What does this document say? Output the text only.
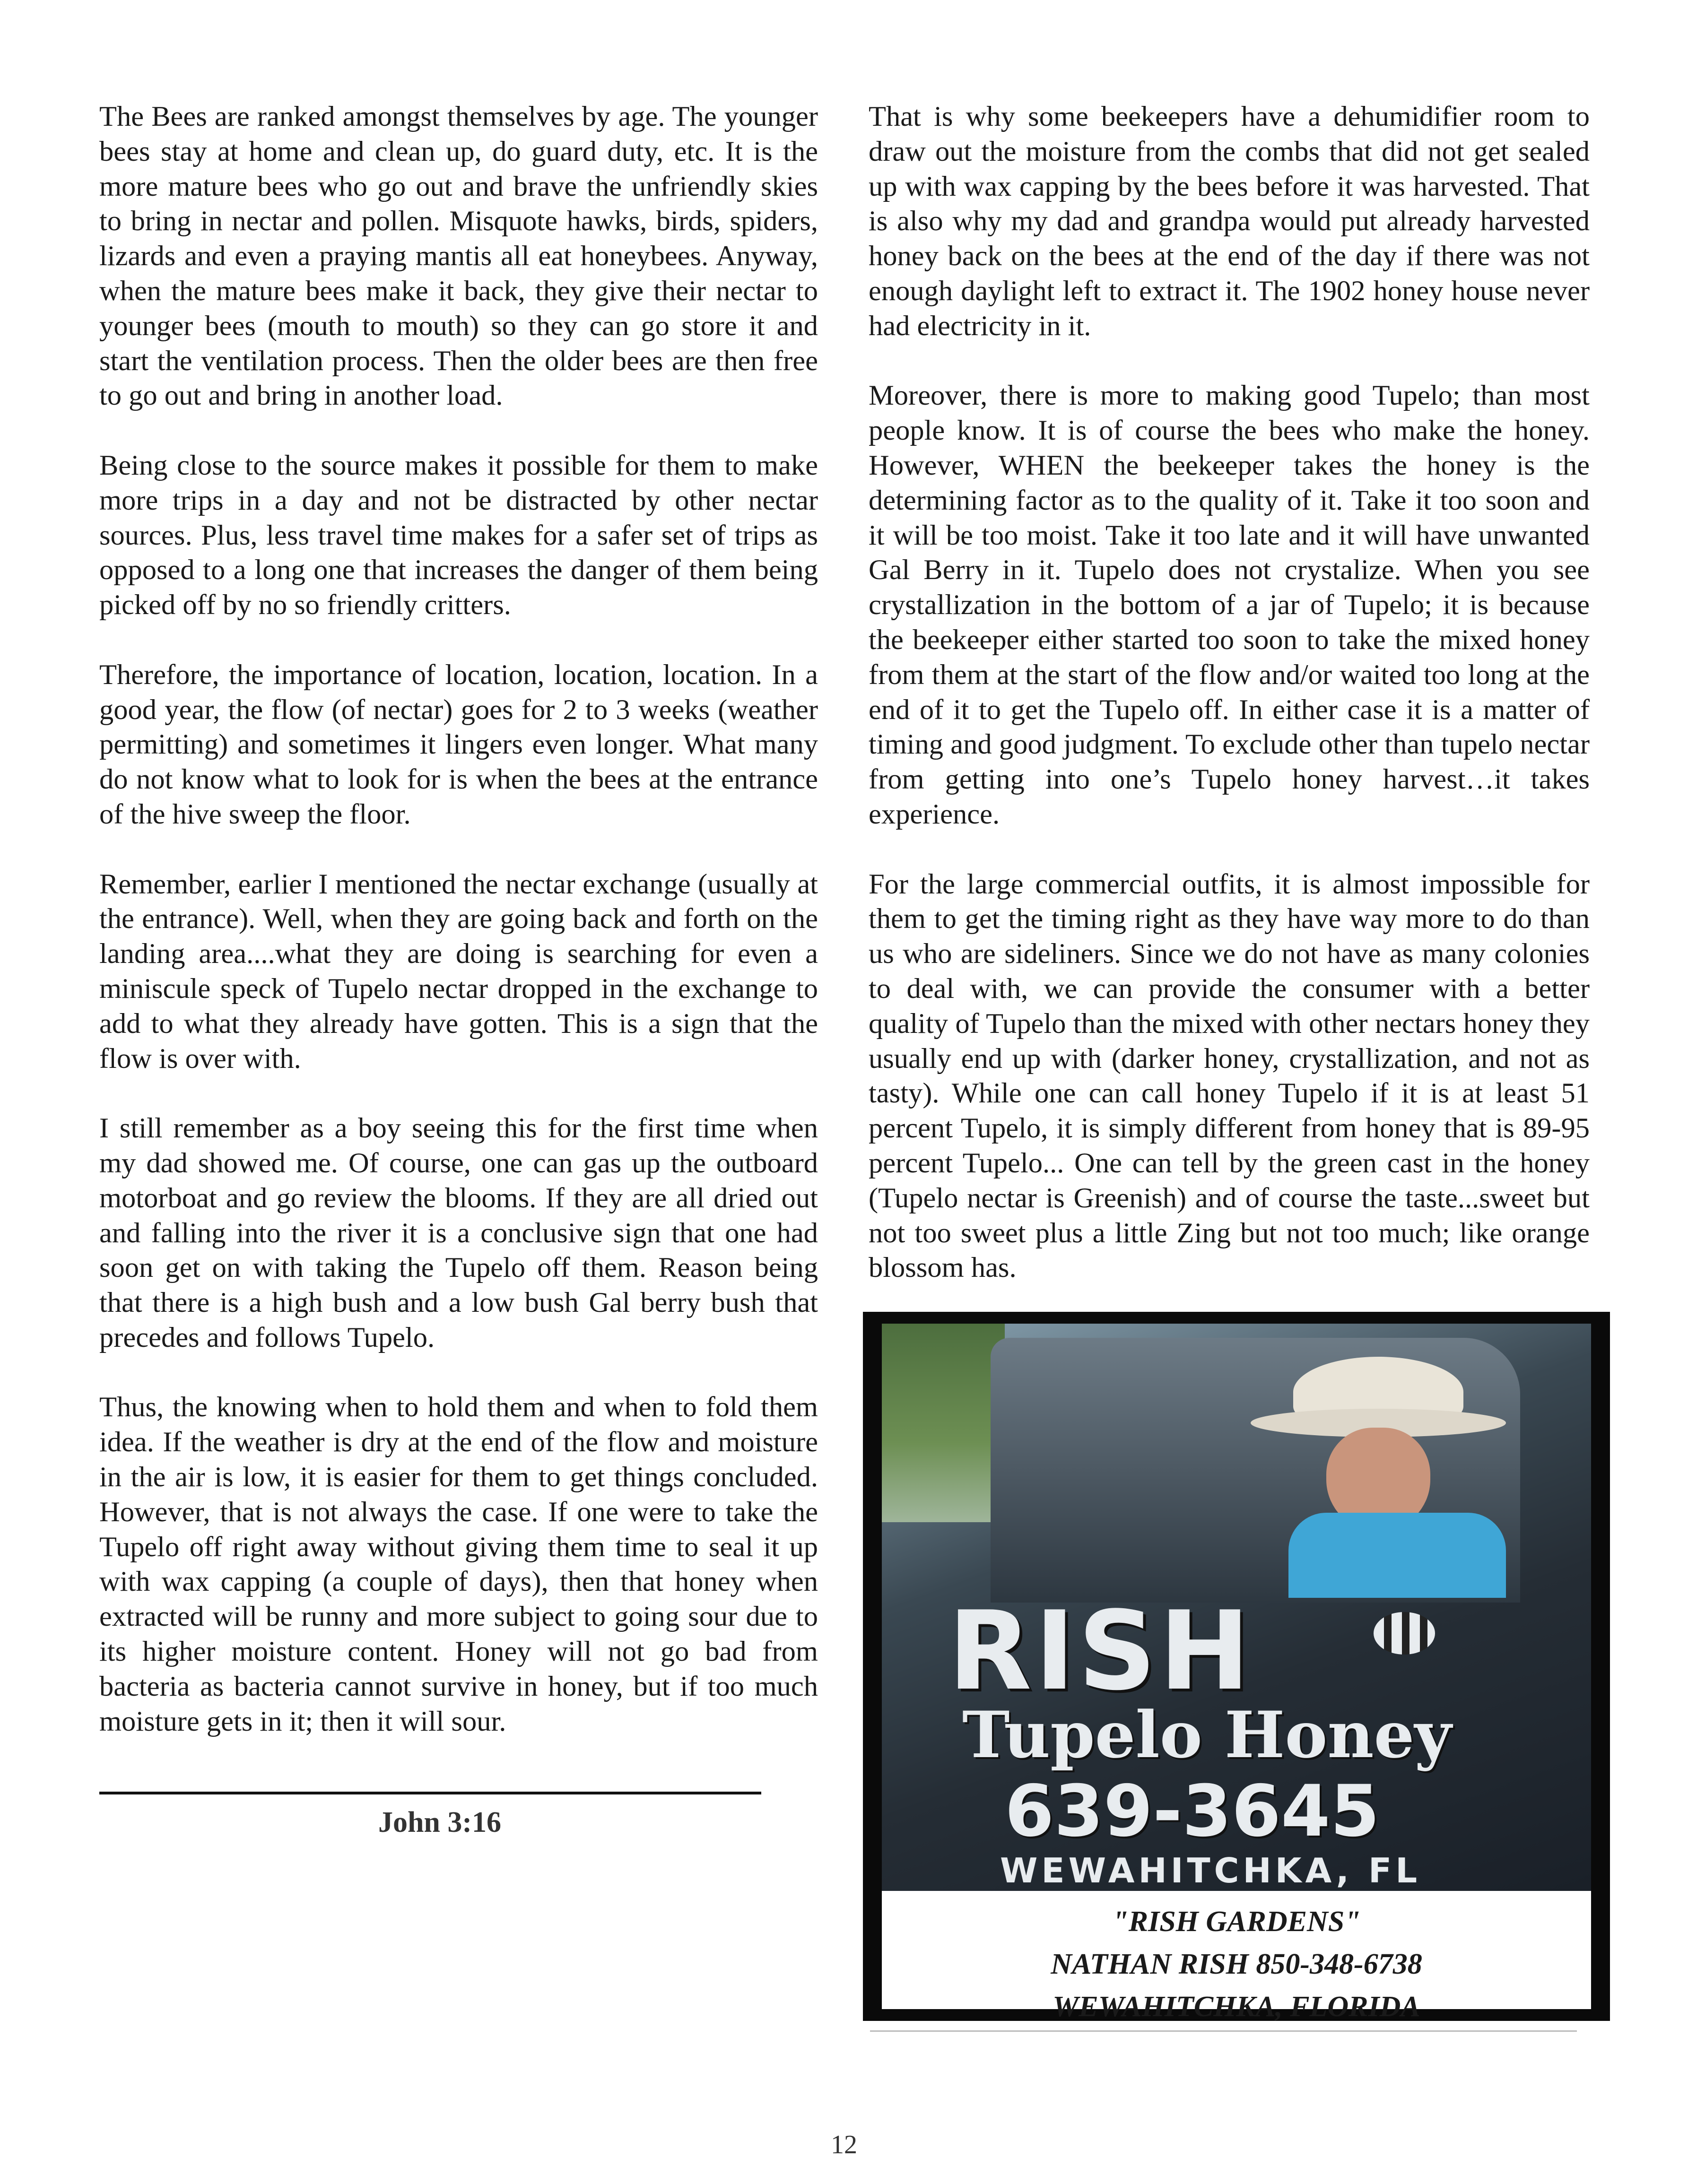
The Bees are ranked amongst themselves by age. The younger bees stay at home and clean up, do guard duty, etc. It is the more mature bees who go out and brave the unfriendly skies to bring in nectar and pollen. Misquote hawks, birds, spiders, lizards and even a praying mantis all eat honeybees. Anyway, when the mature bees make it back, they give their nectar to younger bees (mouth to mouth) so they can go store it and start the ventilation process. Then the older bees are then free to go out and bring in another load.

Being close to the source makes it possible for them to make more trips in a day and not be distracted by other nectar sources. Plus, less travel time makes for a safer set of trips as opposed to a long one that increases the danger of them being picked off by no so friendly critters.

Therefore, the importance of location, location, location. In a good year, the flow (of nectar) goes for 2 to 3 weeks (weather permitting) and sometimes it lingers even longer. What many do not know what to look for is when the bees at the entrance of the hive sweep the floor.

Remember, earlier I mentioned the nectar exchange (usually at the entrance). Well, when they are going back and forth on the landing area....what they are doing is searching for even a miniscule speck of Tupelo nectar dropped in the exchange to add to what they already have gotten. This is a sign that the flow is over with.

I still remember as a boy seeing this for the first time when my dad showed me. Of course, one can gas up the outboard motorboat and go review the blooms. If they are all dried out and falling into the river it is a conclusive sign that one had soon get on with taking the Tupelo off them. Reason being that there is a high bush and a low bush Gal berry bush that precedes and follows Tupelo.

Thus, the knowing when to hold them and when to fold them idea. If the weather is dry at the end of the flow and moisture in the air is low, it is easier for them to get things concluded. However, that is not always the case. If one were to take the Tupelo off right away without giving them time to seal it up with wax capping (a couple of days), then that honey when extracted will be runny and more subject to going sour due to its higher moisture content. Honey will not go bad from bacteria as bacteria cannot survive in honey, but if too much moisture gets in it; then it will sour.

John 3:16

That is why some beekeepers have a dehumidifier room to draw out the moisture from the combs that did not get sealed up with wax capping by the bees before it was harvested. That is also why my dad and grandpa would put already harvested honey back on the bees at the end of the day if there was not enough daylight left to extract it. The 1902 honey house never had electricity in it.

Moreover, there is more to making good Tupelo; than most people know. It is of course the bees who make the honey. However, WHEN the beekeeper takes the honey is the determining factor as to the quality of it. Take it too soon and it will be too moist. Take it too late and it will have unwanted Gal Berry in it. Tupelo does not crystalize. When you see crystallization in the bottom of a jar of Tupelo; it is because the beekeeper either started too soon to take the mixed honey from them at the start of the flow and/or waited too long at the end of it to get the Tupelo off. In either case it is a matter of timing and good judgment. To exclude other than tupelo nectar from getting into one’s Tupelo honey harvest…it takes experience.

For the large commercial outfits, it is almost impossible for them to get the timing right as they have way more to do than us who are sideliners. Since we do not have as many colonies to deal with, we can provide the consumer with a better quality of Tupelo than the mixed with other nectars honey they usually end up with (darker honey, crystallization, and not as tasty). While one can call honey Tupelo if it is at least 51 percent Tupelo, it is simply different from honey that is 89-95 percent Tupelo... One can tell by the green cast in the honey (Tupelo nectar is Greenish) and of course the taste...sweet but not too sweet plus a little Zing but not too much; like orange blossom has.

RISH
Tupelo Honey
639-3645
WEWAHITCHKA, FL
"RISH GARDENS"
NATHAN RISH 850-348-6738
WEWAHITCHKA, FLORIDA
12
